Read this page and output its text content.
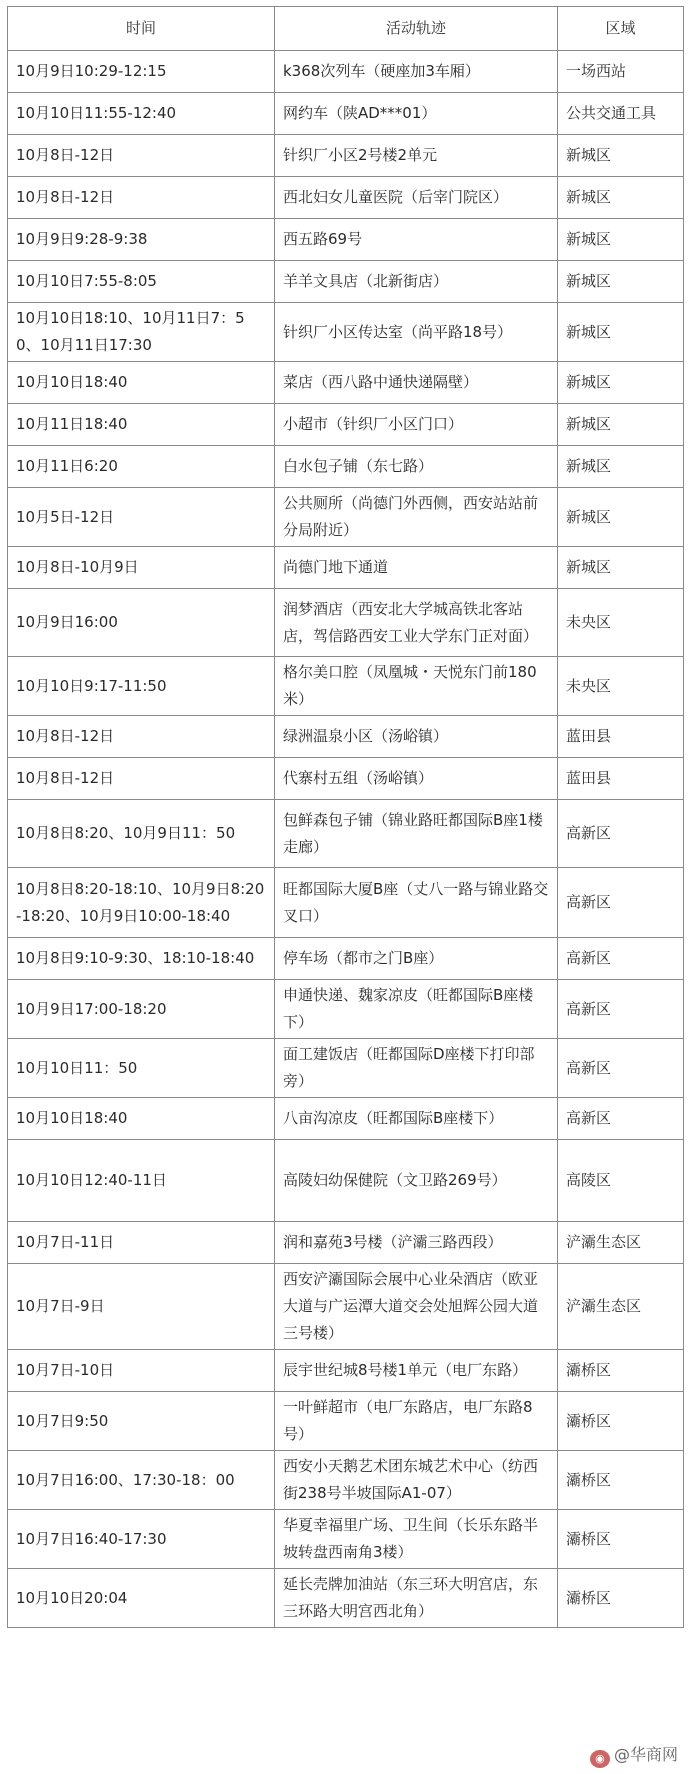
时间	活动轨迹	区域
10月9日10:29-12:15	k368次列车（硬座加3车厢）	一场西站
10月10日11:55-12:40	网约车（陕AD***01）	公共交通工具
10月8日-12日	针织厂小区2号楼2单元	新城区
10月8日-12日	西北妇女儿童医院（后宰门院区）	新城区
10月9日9:28-9:38	西五路69号	新城区
10月10日7:55-8:05	羊羊文具店（北新街店）	新城区
10月10日18:10、10月11日7：50、10月11日17:30	针织厂小区传达室（尚平路18号）	新城区
10月10日18:40	菜店（西八路中通快递隔壁）	新城区
10月11日18:40	小超市（针织厂小区门口）	新城区
10月11日6:20	白水包子铺（东七路）	新城区
10月5日-12日	公共厕所（尚德门外西侧，西安站站前分局附近）	新城区
10月8日-10月9日	尚德门地下通道	新城区
10月9日16:00	润梦酒店（西安北大学城高铁北客站店，驾信路西安工业大学东门正对面）	未央区
10月10日9:17-11:50	格尔美口腔（凤凰城・天悦东门前180米）	未央区
10月8日-12日	绿洲温泉小区（汤峪镇）	蓝田县
10月8日-12日	代寨村五组（汤峪镇）	蓝田县
10月8日8:20、10月9日11：50	包鲜森包子铺（锦业路旺都国际B座1楼走廊）	高新区
10月8日8:20-18:10、10月9日8:20-18:20、10月9日10:00-18:40	旺都国际大厦B座（丈八一路与锦业路交叉口）	高新区
10月8日9:10-9:30、18:10-18:40	停车场（都市之门B座）	高新区
10月9日17:00-18:20	申通快递、魏家凉皮（旺都国际B座楼下）	高新区
10月10日11：50	面工建饭店（旺都国际D座楼下打印部旁）	高新区
10月10日18:40	八亩沟凉皮（旺都国际B座楼下）	高新区
10月10日12:40-11日	高陵妇幼保健院（文卫路269号）	高陵区
10月7日-11日	润和嘉苑3号楼（浐灞三路西段）	浐灞生态区
10月7日-9日	西安浐灞国际会展中心业朵酒店（欧亚大道与广运潭大道交会处旭辉公园大道三号楼）	浐灞生态区
10月7日-10日	辰宇世纪城8号楼1单元（电厂东路）	灞桥区
10月7日9:50	一叶鲜超市（电厂东路店，电厂东路8号）	灞桥区
10月7日16:00、17:30-18：00	西安小天鹅艺术团东城艺术中心（纺西街238号半坡国际A1-07）	灞桥区
10月7日16:40-17:30	华夏幸福里广场、卫生间（长乐东路半坡转盘西南角3楼）	灞桥区
10月10日20:04	延长壳牌加油站（东三环大明宫店，东三环路大明宫西北角）	灞桥区
◉ @华商网
